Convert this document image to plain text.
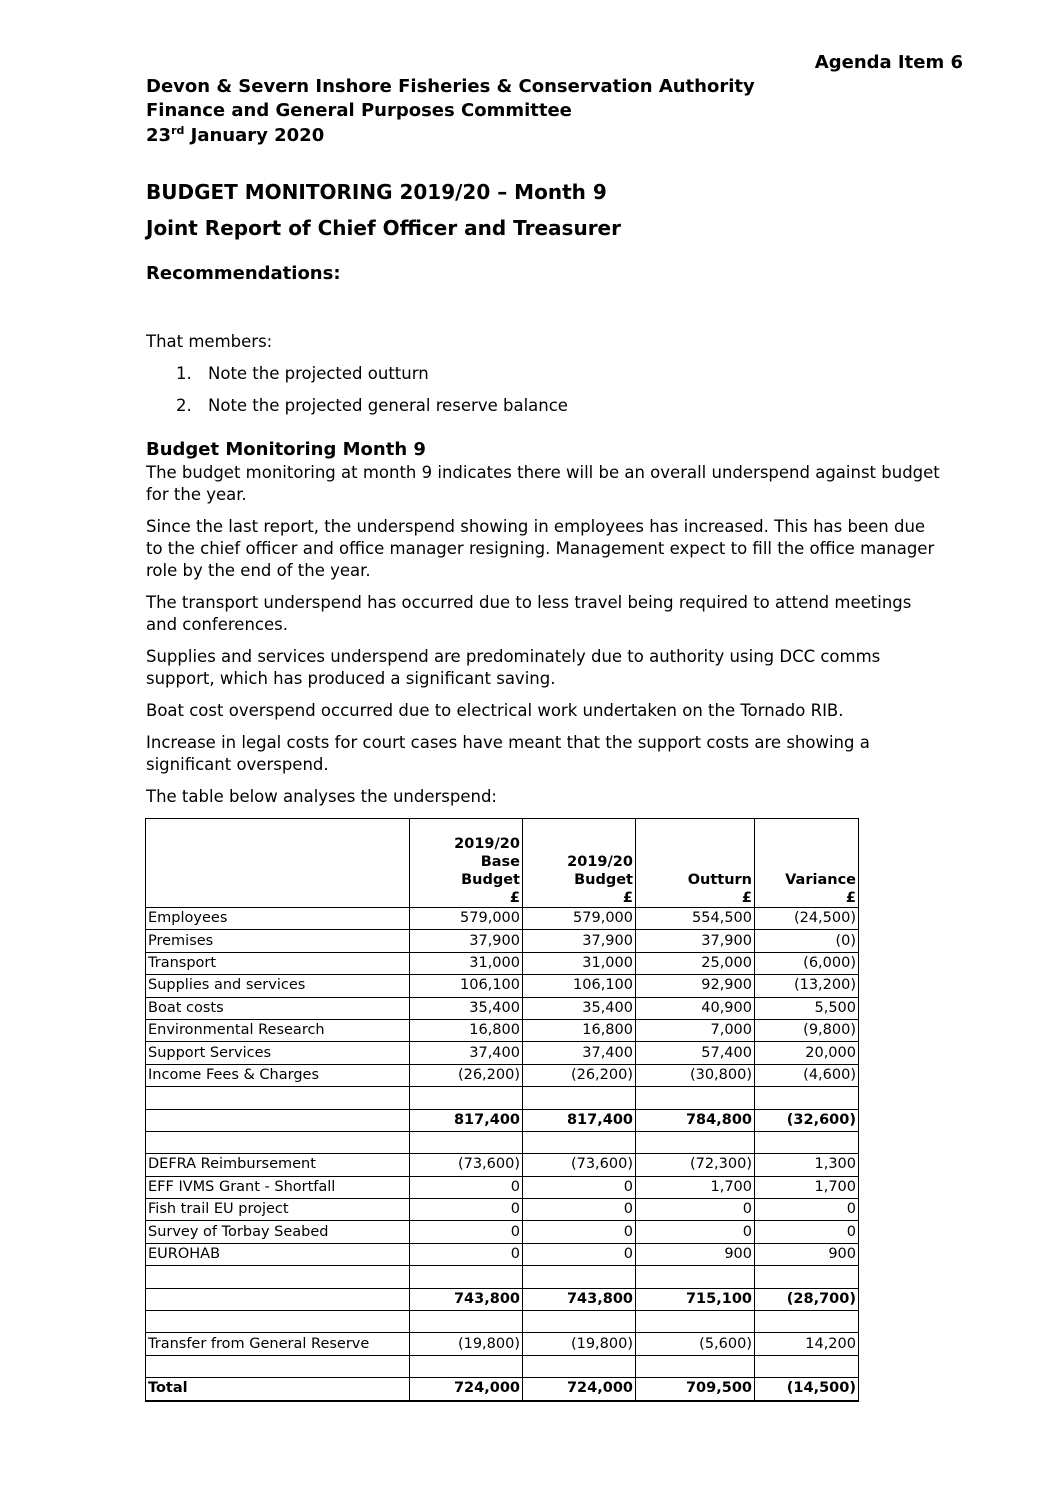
Agenda Item 6
Devon & Severn Inshore Fisheries & Conservation Authority
Finance and General Purposes Committee
23rd January 2020
BUDGET MONITORING 2019/20 – Month 9
Joint Report of Chief Officer and Treasurer
Recommendations:
That members:
1. Note the projected outturn
2. Note the projected general reserve balance
Budget Monitoring Month 9
The budget monitoring at month 9 indicates there will be an overall underspend against budget for the year.
Since the last report, the underspend showing in employees has increased. This has been due to the chief officer and office manager resigning. Management expect to fill the office manager role by the end of the year.
The transport underspend has occurred due to less travel being required to attend meetings and conferences.
Supplies and services underspend are predominately due to authority using DCC comms support, which has produced a significant saving.
Boat cost overspend occurred due to electrical work undertaken on the Tornado RIB.
Increase in legal costs for court cases have meant that the support costs are showing a significant overspend.
The table below analyses the underspend:
	2019/20
Base
Budget
£	2019/20
Budget
£	Outturn
£	Variance
£
Employees	579,000	579,000	554,500	(24,500)
Premises	37,900	37,900	37,900	(0)
Transport	31,000	31,000	25,000	(6,000)
Supplies and services	106,100	106,100	92,900	(13,200)
Boat costs	35,400	35,400	40,900	5,500
Environmental Research	16,800	16,800	7,000	(9,800)
Support Services	37,400	37,400	57,400	20,000
Income Fees & Charges	(26,200)	(26,200)	(30,800)	(4,600)

	817,400	817,400	784,800	(32,600)

DEFRA Reimbursement	(73,600)	(73,600)	(72,300)	1,300
EFF IVMS Grant - Shortfall	0	0	1,700	1,700
Fish trail EU project	0	0	0	0
Survey of Torbay Seabed	0	0	0	0
EUROHAB	0	0	900	900

	743,800	743,800	715,100	(28,700)

Transfer from General Reserve	(19,800)	(19,800)	(5,600)	14,200

Total	724,000	724,000	709,500	(14,500)
